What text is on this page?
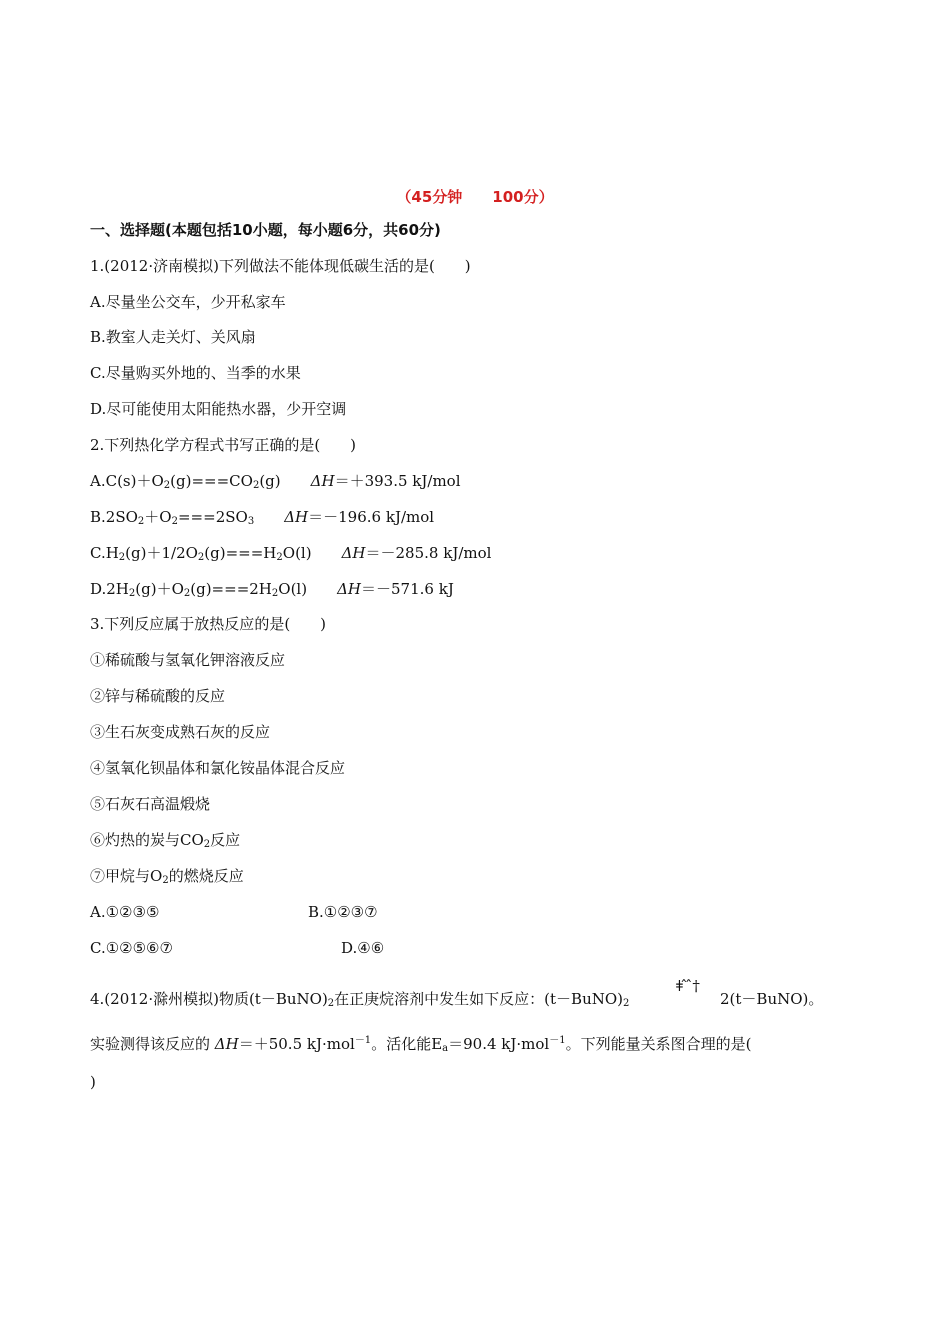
（45分钟　　100分）
一、选择题(本题包括10小题，每小题6分，共60分)
1.(2012·济南模拟)下列做法不能体现低碳生活的是(　　)
A.尽量坐公交车，少开私家车
B.教室人走关灯、关风扇
C.尽量购买外地的、当季的水果
D.尽可能使用太阳能热水器，少开空调
2.下列热化学方程式书写正确的是(　　)
$A.C(s)+O_2(g)===CO_2(g)$　　ΔH＝＋393.5 kJ/mol
$B.2SO_2+O_2===2SO_3$　　 ΔH＝－196.6 kJ/mol
$C.H_2(g)+1/2O_2(g)===H_2O(l)$　　ΔH＝－285.8 kJ/mol
$D.2H_2(g)+O_2(g)===2H_2O(l)$　　ΔH＝－571.6 kJ
3.下列反应属于放热反应的是(　　)
①稀硫酸与氢氧化钾溶液反应
②锌与稀硫酸的反应
③生石灰变成熟石灰的反应
④氢氧化钡晶体和氯化铵晶体混合反应
⑤石灰石高温煅烧
⑥灼热的炭与$CO_2$反应
⑦甲烷与$O_2$的燃烧反应
A.①②③⑤	B.①②③⑦
C.①②⑤⑥⑦	D.④⑥
4.(2012·滁州模拟)物质$(t-BuNO)_2$在正庚烷溶剂中发生如下反应：$(t-BuNO)_2$
ǂ ̂ ̂†
2(t－BuNO)。
实验测得该反应的 ΔH＝＋50.5 kJ·mol$^{-1}$。活化能$E_a=90.4$ kJ·mol$^{-1}$。下列能量关系图合理的是(
)
